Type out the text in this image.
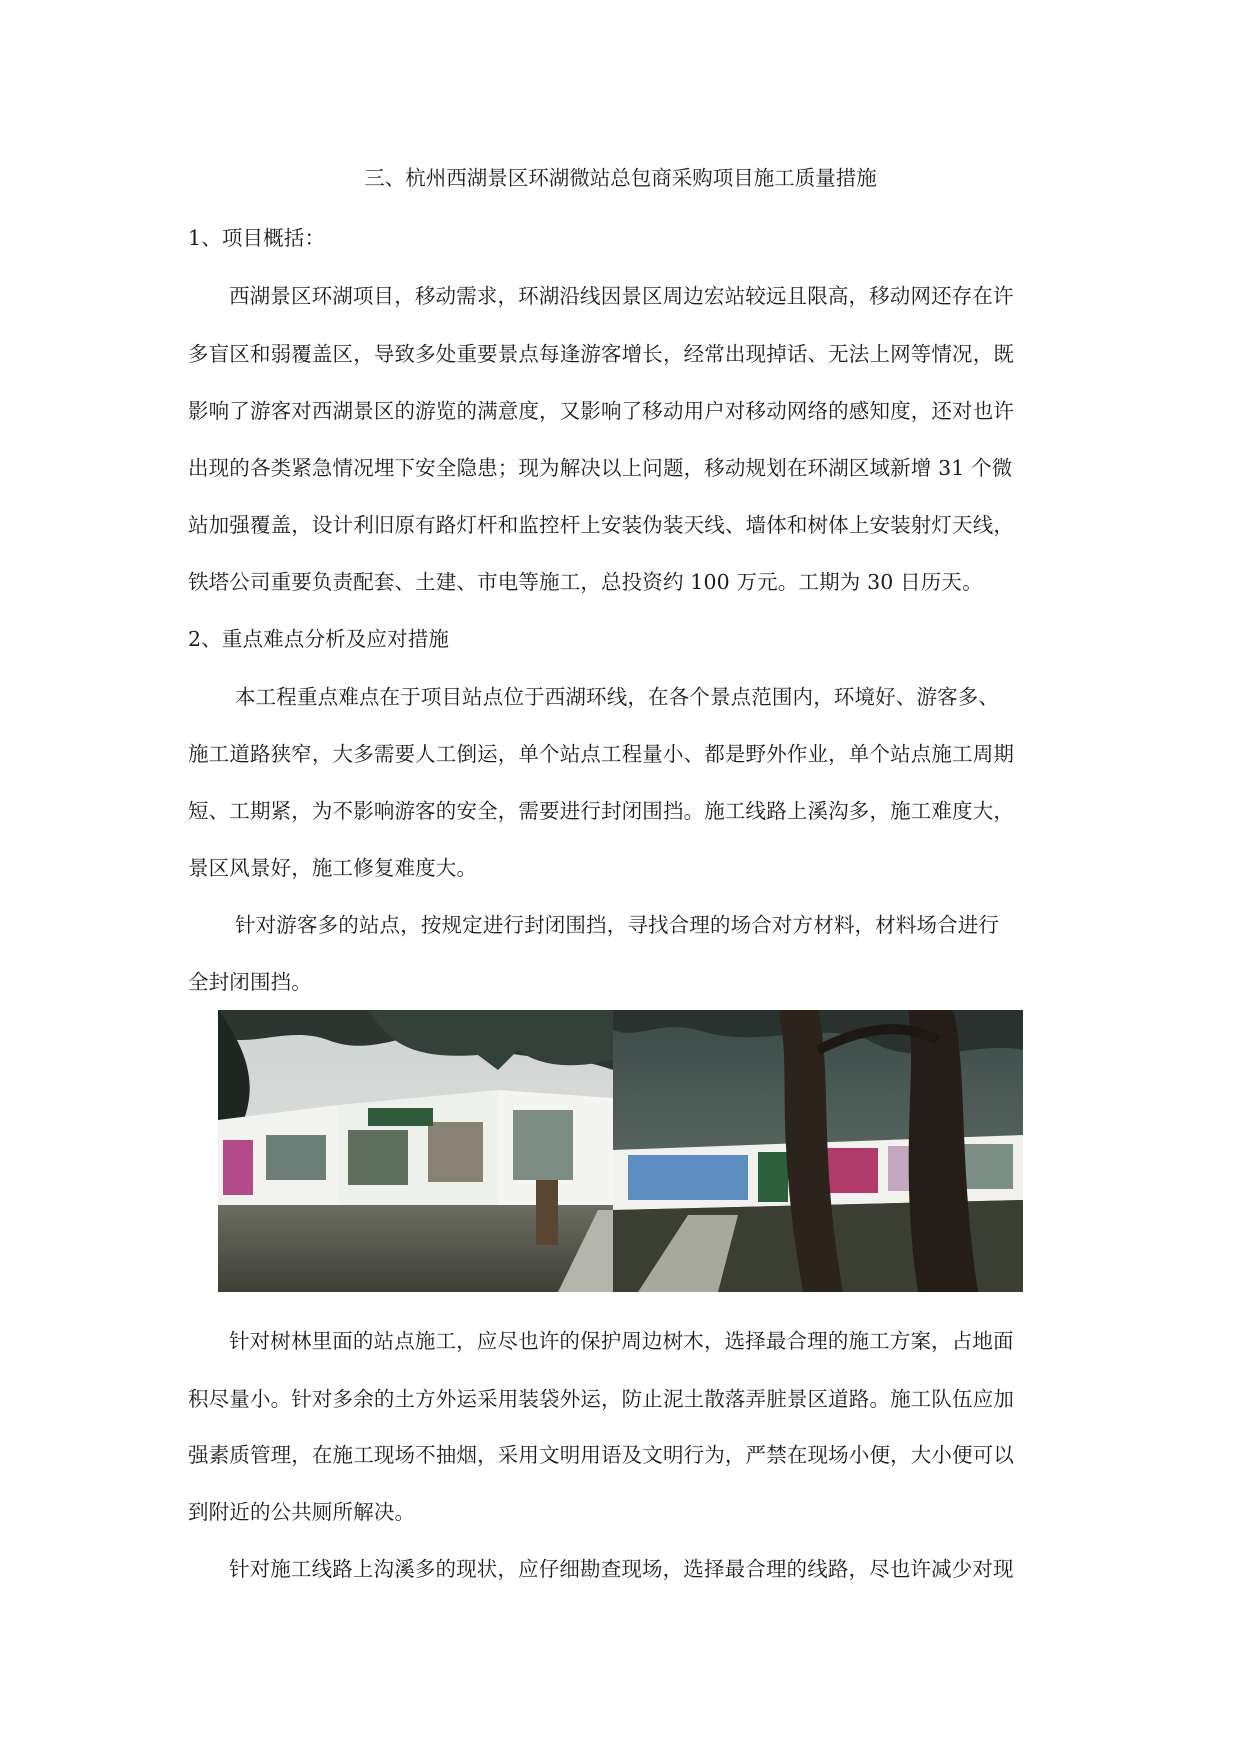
三、杭州西湖景区环湖微站总包商采购项目施工质量措施
1、项目概括：
西湖景区环湖项目，移动需求，环湖沿线因景区周边宏站较远且限高，移动网还存在许
多盲区和弱覆盖区，导致多处重要景点每逢游客增长，经常出现掉话、无法上网等情况，既
影响了游客对西湖景区的游览的满意度，又影响了移动用户对移动网络的感知度，还对也许
出现的各类紧急情况埋下安全隐患；现为解决以上问题，移动规划在环湖区域新增 31 个微
站加强覆盖，设计利旧原有路灯杆和监控杆上安装伪装天线、墙体和树体上安装射灯天线，
铁塔公司重要负责配套、土建、市电等施工，总投资约 100 万元。工期为 30 日历天。
2、重点难点分析及应对措施
本工程重点难点在于项目站点位于西湖环线，在各个景点范围内，环境好、游客多、
施工道路狭窄，大多需要人工倒运，单个站点工程量小、都是野外作业，单个站点施工周期
短、工期紧，为不影响游客的安全，需要进行封闭围挡。施工线路上溪沟多，施工难度大，
景区风景好，施工修复难度大。
针对游客多的站点，按规定进行封闭围挡，寻找合理的场合对方材料，材料场合进行
全封闭围挡。
针对树林里面的站点施工，应尽也许的保护周边树木，选择最合理的施工方案，占地面
积尽量小。针对多余的土方外运采用装袋外运，防止泥土散落弄脏景区道路。施工队伍应加
强素质管理，在施工现场不抽烟，采用文明用语及文明行为，严禁在现场小便，大小便可以
到附近的公共厕所解决。
针对施工线路上沟溪多的现状，应仔细勘查现场，选择最合理的线路，尽也许减少对现
